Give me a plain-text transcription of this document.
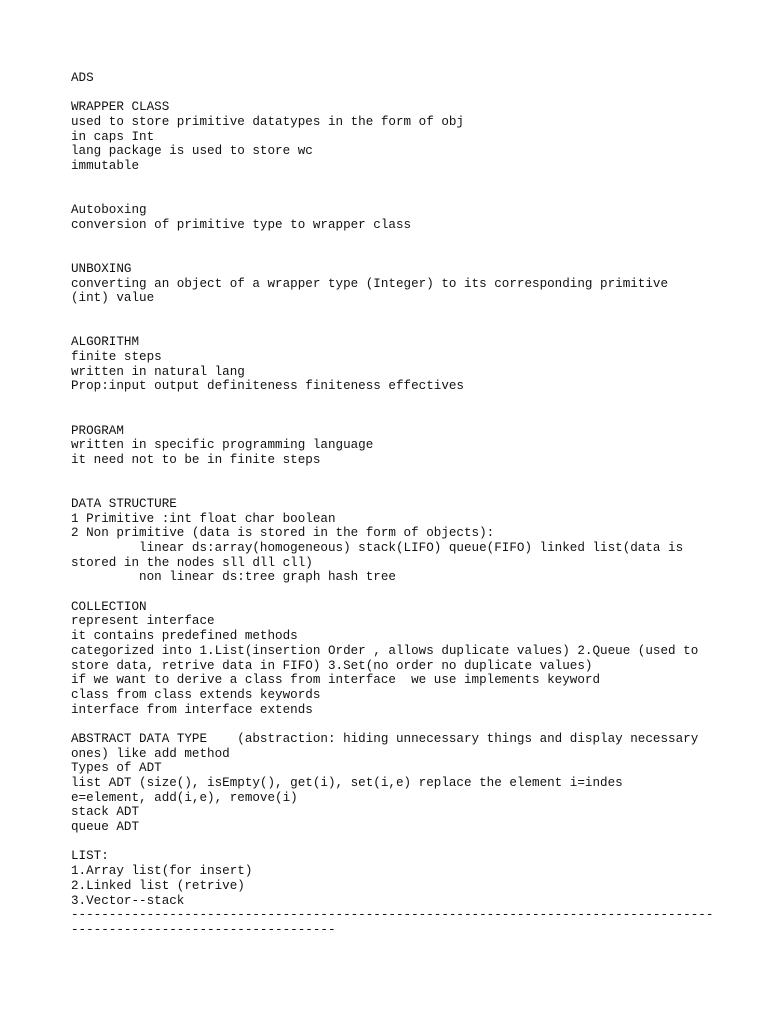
ADS
WRAPPER CLASS
used to store primitive datatypes in the form of obj
in caps Int
lang package is used to store wc
immutable
Autoboxing
conversion of primitive type to wrapper class
UNBOXING
converting an object of a wrapper type (Integer) to its corresponding primitive
(int) value
ALGORITHM
finite steps
written in natural lang
Prop:input output definiteness finiteness effectives
PROGRAM
written in specific programming language
it need not to be in finite steps
DATA STRUCTURE
1 Primitive :int float char boolean
2 Non primitive (data is stored in the form of objects):
linear ds:array(homogeneous) stack(LIFO) queue(FIFO) linked list(data is
stored in the nodes sll dll cll)
non linear ds:tree graph hash tree
COLLECTION
represent interface
it contains predefined methods
categorized into 1.List(insertion Order , allows duplicate values) 2.Queue (used to
store data, retrive data in FIFO) 3.Set(no order no duplicate values)
if we want to derive a class from interface  we use implements keyword
class from class extends keywords
interface from interface extends
ABSTRACT DATA TYPE    (abstraction: hiding unnecessary things and display necessary
ones) like add method
Types of ADT
list ADT (size(), isEmpty(), get(i), set(i,e) replace the element i=indes
e=element, add(i,e), remove(i)
stack ADT
queue ADT
LIST:
1.Array list(for insert)
2.Linked list (retrive)
3.Vector--stack
-------------------------------------------------------------------------------------
-----------------------------------
